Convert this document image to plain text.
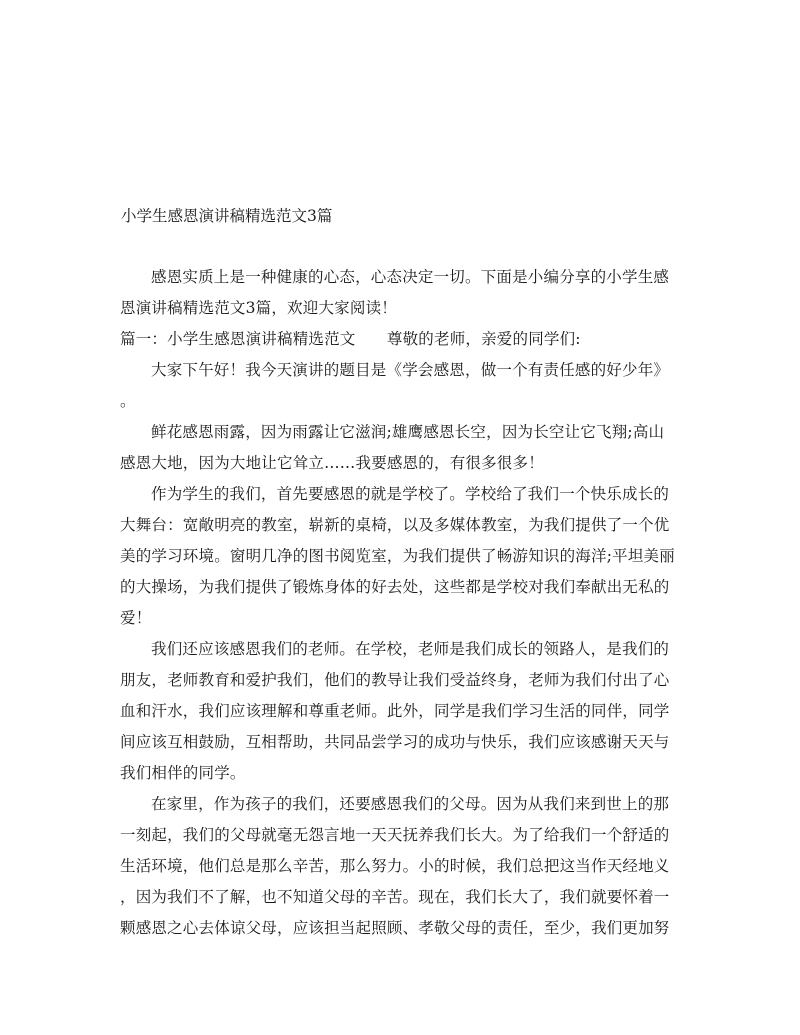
小学生感恩演讲稿精选范文3篇
感恩实质上是一种健康的心态，心态决定一切。下面是小编分享的小学生感
恩演讲稿精选范文3篇，欢迎大家阅读！
篇一：小学生感恩演讲稿精选范文　　尊敬的老师，亲爱的同学们:
大家下午好！我今天演讲的题目是《学会感恩，做一个有责任感的好少年》
。
鲜花感恩雨露，因为雨露让它滋润;雄鹰感恩长空，因为长空让它飞翔;高山
感恩大地，因为大地让它耸立……我要感恩的，有很多很多！
作为学生的我们，首先要感恩的就是学校了。学校给了我们一个快乐成长的
大舞台：宽敞明亮的教室，崭新的桌椅，以及多媒体教室，为我们提供了一个优
美的学习环境。窗明几净的图书阅览室，为我们提供了畅游知识的海洋;平坦美丽
的大操场，为我们提供了锻炼身体的好去处，这些都是学校对我们奉献出无私的
爱！
我们还应该感恩我们的老师。在学校，老师是我们成长的领路人，是我们的
朋友，老师教育和爱护我们，他们的教导让我们受益终身，老师为我们付出了心
血和汗水，我们应该理解和尊重老师。此外，同学是我们学习生活的同伴，同学
间应该互相鼓励，互相帮助，共同品尝学习的成功与快乐，我们应该感谢天天与
我们相伴的同学。
在家里，作为孩子的我们，还要感恩我们的父母。因为从我们来到世上的那
一刻起，我们的父母就毫无怨言地一天天抚养我们长大。为了给我们一个舒适的
生活环境，他们总是那么辛苦，那么努力。小的时候，我们总把这当作天经地义
，因为我们不了解，也不知道父母的辛苦。现在，我们长大了，我们就要怀着一
颗感恩之心去体谅父母，应该担当起照顾、孝敬父母的责任，至少，我们更加努
